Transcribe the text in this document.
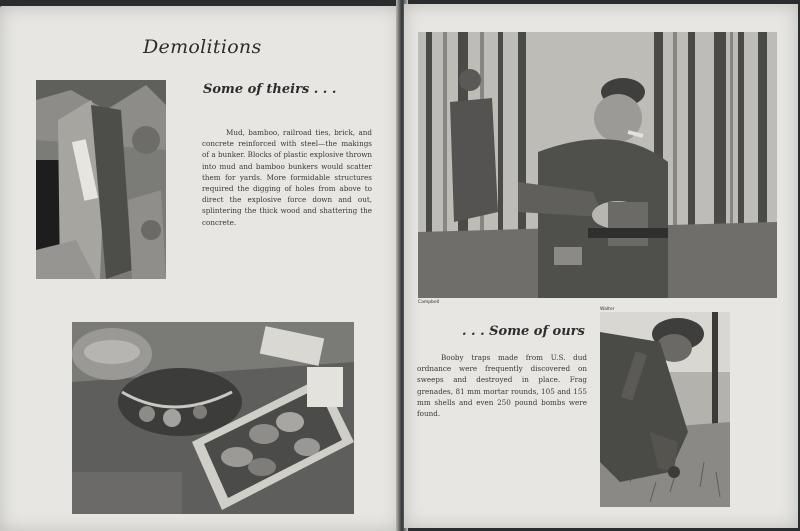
Demolitions
Some of theirs . . .

Mud, bamboo, railroad ties, brick, and concrete reinforced with steel—the makings of a bunker. Blocks of plastic explosive thrown into mud and bamboo bunkers would scatter them for yards. More formidable structures required the digging of holes from above to direct the explosive force down and out, splintering the thick wood and shattering the concrete.

Campbell
Walter
. . . Some of ours

Booby traps made from U.S. dud ordnance were frequently discovered on sweeps and destroyed in place. Frag grenades, 81 mm mortar rounds, 105 and 155 mm shells and even 250 pound bombs were found.
